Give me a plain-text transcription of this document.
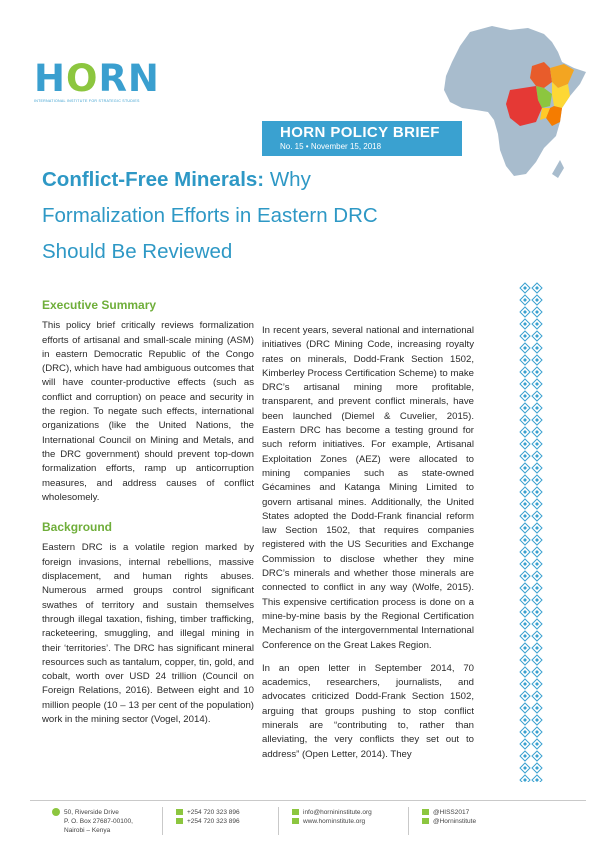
HORN
INTERNATIONAL INSTITUTE FOR STRATEGIC STUDIES
HORN POLICY BRIEF
No. 15 • November 15, 2018
Conflict-Free Minerals: Why
Formalization Efforts in Eastern DRC
Should Be Reviewed
Executive Summary

This policy brief critically reviews formalization efforts of artisanal and small-scale mining (ASM) in eastern Democratic Republic of the Congo (DRC), which have had ambiguous outcomes that will have counter-productive effects (such as conflict and corruption) on peace and security in the region. To negate such effects, international organizations (like the United Nations, the International Council on Mining and Metals, and the DRC government) should prevent top-down formalization efforts, ramp up anticorruption measures, and address causes of conflict wholesomely.

Background

Eastern DRC is a volatile region marked by foreign invasions, internal rebellions, massive displacement, and human rights abuses. Numerous armed groups control significant swathes of territory and sustain themselves through illegal taxation, fishing, timber trafficking, racketeering, smuggling, and illegal mining in their ‘territories’. The DRC has significant mineral resources such as tantalum, copper, tin, gold, and cobalt, worth over USD 24 trillion (Council on Foreign Relations, 2016). Between eight and 10 million people (10 – 13 per cent of the population) work in the mining sector (Vogel, 2014).

In recent years, several national and international initiatives (DRC Mining Code, increasing royalty rates on minerals, Dodd-Frank Section 1502, Kimberley Process Certification Scheme) to make DRC’s artisanal mining more profitable, transparent, and prevent conflict minerals, have been launched (Diemel & Cuvelier, 2015). Eastern DRC has become a testing ground for such reform initiatives. For example, Artisanal Exploitation Zones (AEZ) were allocated to mining companies such as state-owned Gécamines and Katanga Mining Limited to govern artisanal mines. Additionally, the United States adopted the Dodd-Frank financial reform law Section 1502, that requires companies registered with the US Securities and Exchange Commission to disclose whether they mine DRC’s minerals and whether those minerals are connected to conflict in any way (Wolfe, 2015). This expensive certification process is done on a mine-by-mine basis by the Regional Certification Mechanism of the intergovernmental International Conference on the Great Lakes Region.

In an open letter in September 2014, 70 academics, researchers, journalists, and advocates criticized Dodd-Frank Section 1502, arguing that groups pushing to stop conflict minerals are “contributing to, rather than alleviating, the very conflicts they set out to address” (Open Letter, 2014). They

50, Riverside Drive
P. O. Box 27687-00100,
Nairobi – Kenya
+254 720 323 896
+254 720 323 896
info@hornininstitute.org
www.horninstitute.org
@HISS2017
@Horninstitute
